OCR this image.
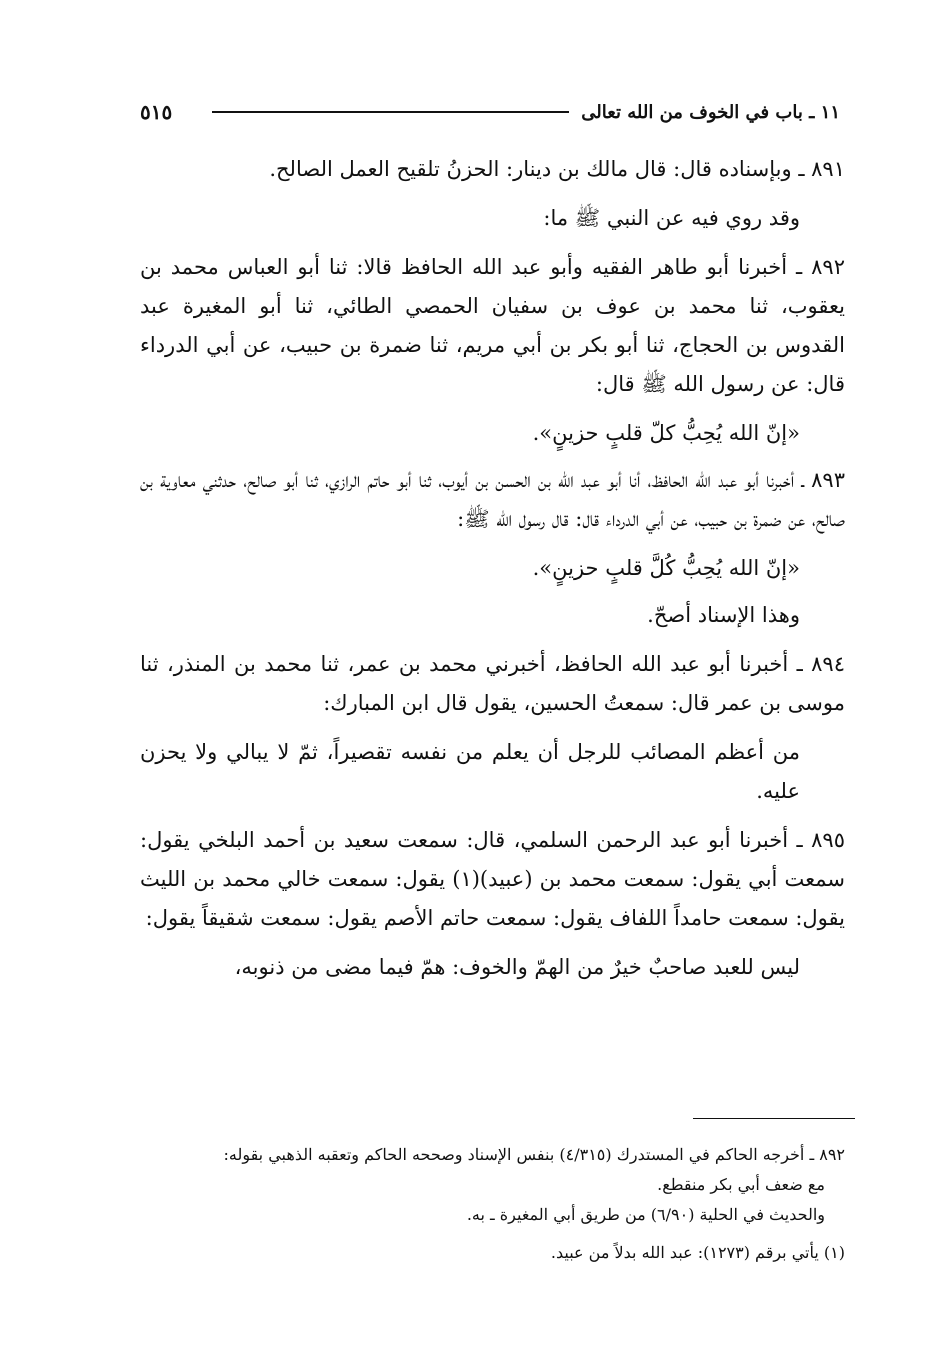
٥١٥	١١ ـ باب في الخوف من الله تعالى

٨٩١ ـ وبإسناده قال: قال مالك بن دينار: الحزنُ تلقيح العمل الصالح.

وقد روي فيه عن النبي ﷺ ما:

٨٩٢ ـ أخبرنا أبو طاهر الفقيه وأبو عبد الله الحافظ قالا: ثنا أبو العباس محمد بن يعقوب، ثنا محمد بن عوف بن سفيان الحمصي الطائي، ثنا أبو المغيرة عبد القدوس بن الحجاج، ثنا أبو بكر بن أبي مريم، ثنا ضمرة بن حبيب، عن أبي الدرداء قال: عن رسول الله ﷺ قال:

«إنّ الله يُحِبُّ كلّ قلبٍ حزينٍ».

٨٩٣ ـ أخبرنا أبو عبد الله الحافظ، أنا أبو عبد الله بن الحسن بن أيوب، ثنا أبو حاتم الرازي، ثنا أبو صالح، حدثني معاوية بن صالح، عن ضمرة بن حبيب، عن أبي الدرداء قال: قال رسول الله ﷺ:

«إنّ الله يُحِبُّ كُلَّ قلبٍ حزينٍ».

وهذا الإسناد أصحّ.

٨٩٤ ـ أخبرنا أبو عبد الله الحافظ، أخبرني محمد بن عمر، ثنا محمد بن المنذر، ثنا موسى بن عمر قال: سمعتُ الحسين، يقول قال ابن المبارك:

من أعظم المصائب للرجل أن يعلم من نفسه تقصيراً، ثمّ لا يبالي ولا يحزن عليه.

٨٩٥ ـ أخبرنا أبو عبد الرحمن السلمي، قال: سمعت سعيد بن أحمد البلخي يقول: سمعت أبي يقول: سمعت محمد بن (عبيد)(١) يقول: سمعت خالي محمد بن الليث يقول: سمعت حامداً اللفاف يقول: سمعت حاتم الأصم يقول: سمعت شقيقاً يقول:

ليس للعبد صاحبٌ خيرٌ من الهمّ والخوف: همّ فيما مضى من ذنوبه،

٨٩٢ ـ أخرجه الحاكم في المستدرك (٤/٣١٥) بنفس الإسناد وصححه الحاكم وتعقبه الذهبي بقوله:

مع ضعف أبي بكر منقطع.

والحديث في الحلية (٦/٩٠) من طريق أبي المغيرة ـ به.

(١) يأتي برقم (١٢٧٣): عبد الله بدلاً من عبيد.
